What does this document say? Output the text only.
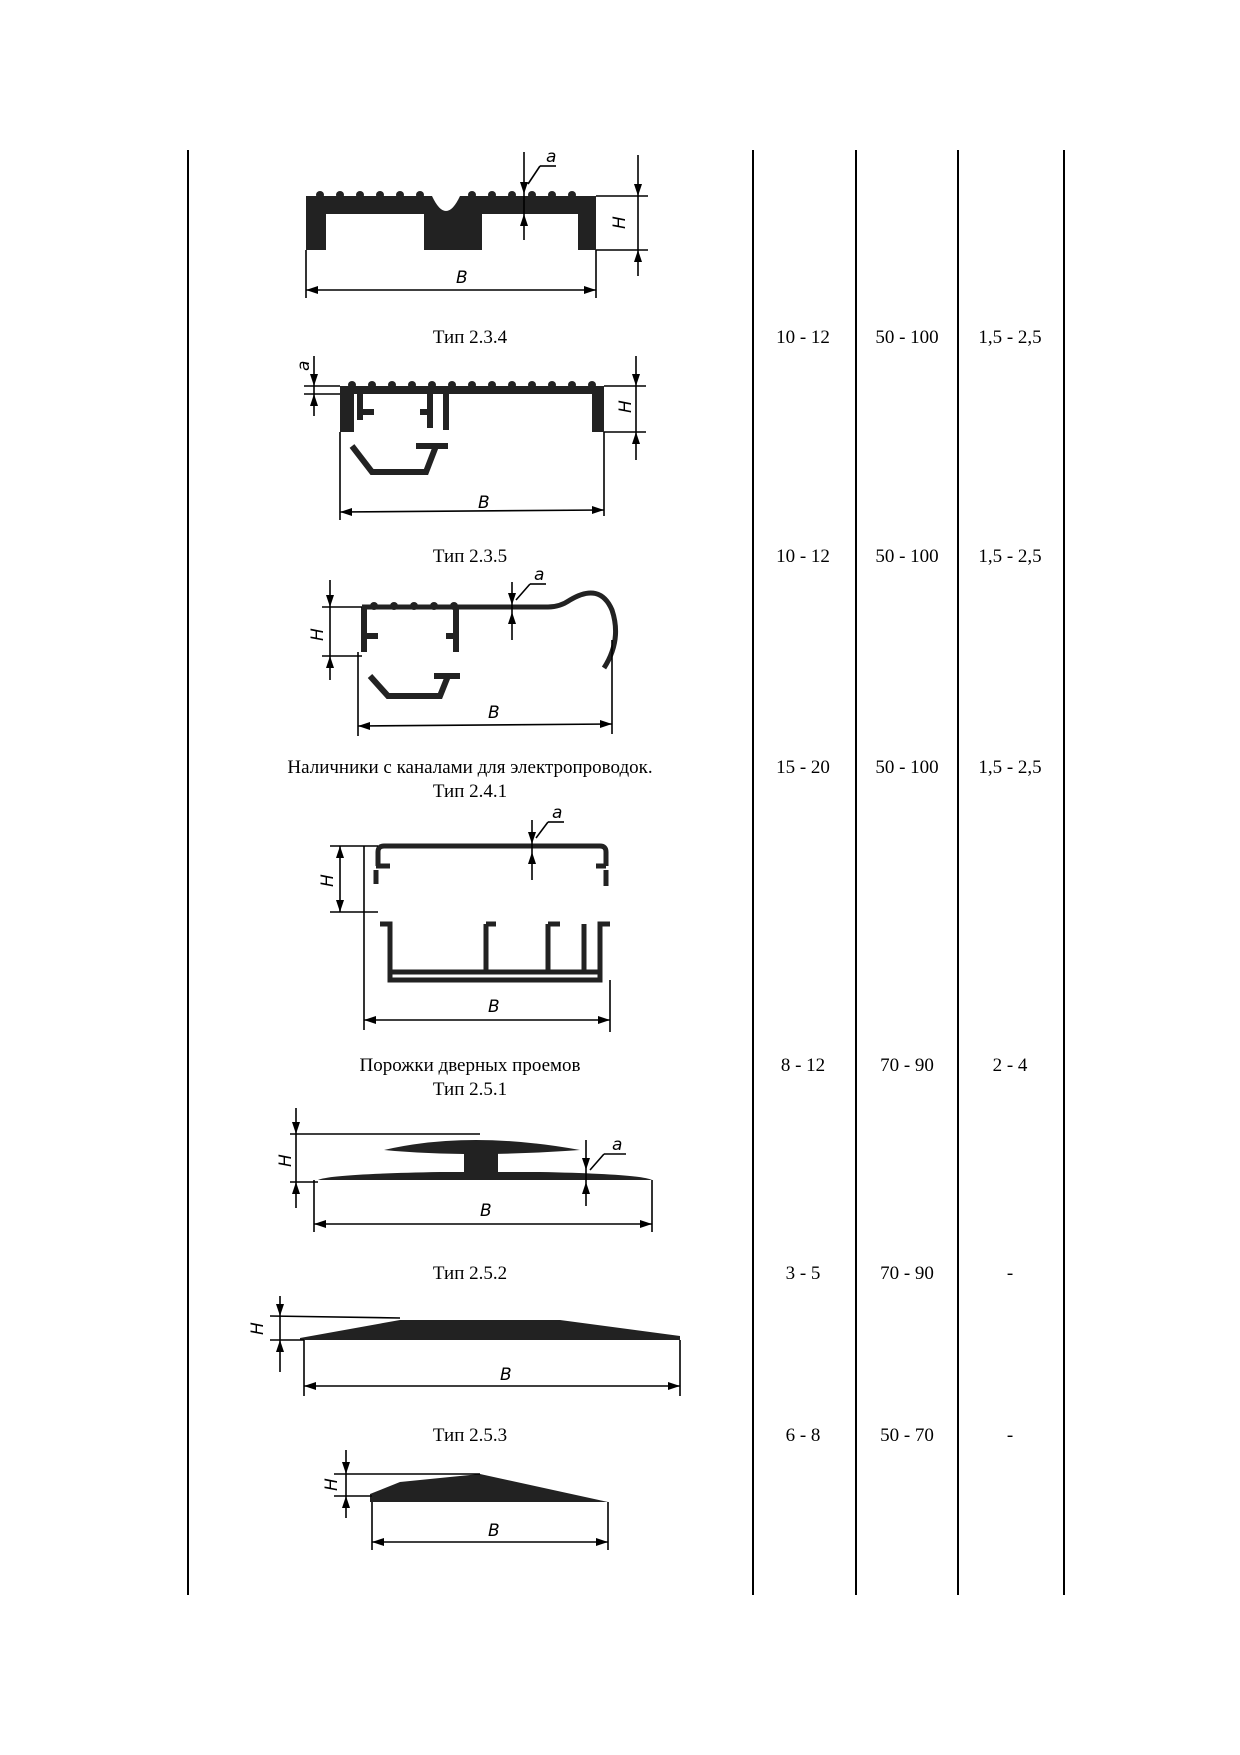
a
B
H
Тип 2.3.4	10 - 12	50 - 100	1,5 - 2,5
a
B
H
Тип 2.3.5	10 - 12	50 - 100	1,5 - 2,5
a
B
H
Наличники с каналами для электропроводок.
Тип 2.4.1
15 - 20	50 - 100	1,5 - 2,5
a
B
H
Порожки дверных проемов
Тип 2.5.1
8 - 12	70 - 90	2 - 4
a
B
H
Тип 2.5.2	3 - 5	70 - 90	-
B
H
Тип 2.5.3	6 - 8	50 - 70	-
B
H
